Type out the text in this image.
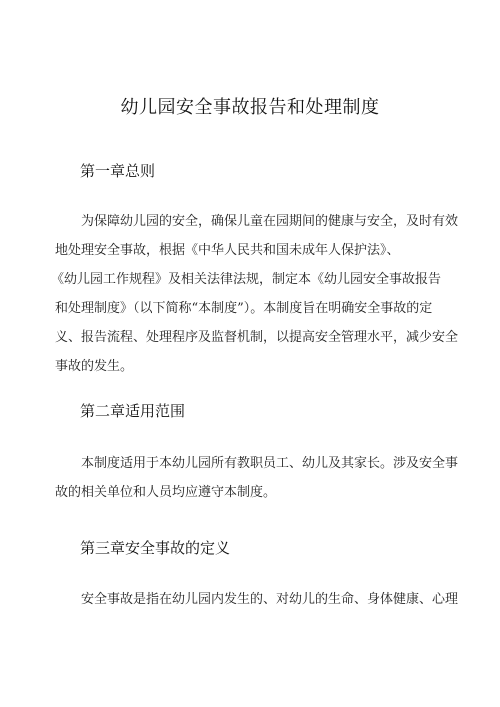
幼儿园安全事故报告和处理制度
第一章总则
为保障幼儿园的安全，确保儿童在园期间的健康与安全，及时有效
地处理安全事故，根据《中华人民共和国未成年人保护法》、
《幼儿园工作规程》及相关法律法规，制定本《幼儿园安全事故报告
和处理制度》（以下简称“本制度”）。本制度旨在明确安全事故的定
义、报告流程、处理程序及监督机制，以提高安全管理水平，减少安全
事故的发生。
第二章适用范围
本制度适用于本幼儿园所有教职员工、幼儿及其家长。涉及安全事
故的相关单位和人员均应遵守本制度。
第三章安全事故的定义
安全事故是指在幼儿园内发生的、对幼儿的生命、身体健康、心理
